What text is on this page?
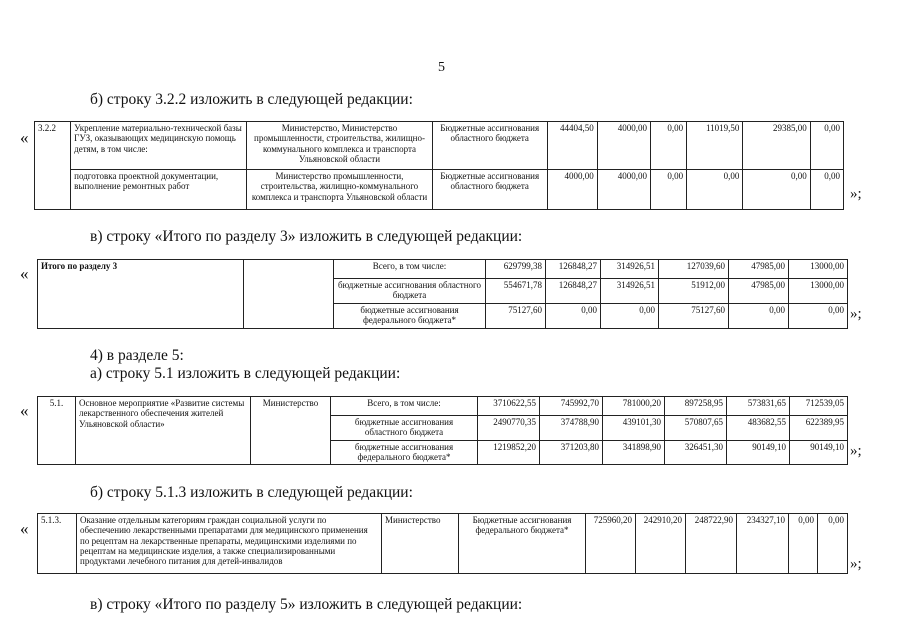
5
б) строку 3.2.2 изложить в следующей редакции:
« 3.2.2	Укрепление материально-технической базы ГУЗ, оказывающих медицинскую помощь детям, в том числе:	Министерство, Министерство промышленности, строительства, жилищно-коммунального комплекса и транспорта Ульяновской области	Бюджетные ассигнования областного бюджета	44404,50	4000,00	0,00	11019,50	29385,00	0,00
	подготовка проектной документации, выполнение ремонтных работ	Министерство промышленности, строительства, жилищно-коммунального комплекса и транспорта Ульяновской области	Бюджетные ассигнования областного бюджета	4000,00	4000,00	0,00	0,00	0,00	0,00
»;
в) строку «Итого по разделу 3» изложить в следующей редакции:
« Итого по разделу 3		Всего, в том числе:	629799,38	126848,27	314926,51	127039,60	47985,00	13000,00
		бюджетные ассигнования областного бюджета	554671,78	126848,27	314926,51	51912,00	47985,00	13000,00
		бюджетные ассигнования федерального бюджета*	75127,60	0,00	0,00	75127,60	0,00	0,00 »;
4) в разделе 5:
а) строку 5.1 изложить в следующей редакции:
« 5.1.	Основное мероприятие «Развитие системы лекарственного обеспечения жителей Ульяновской области»	Министерство	Всего, в том числе:	3710622,55	745992,70	781000,20	897258,95	573831,65	712539,05
			бюджетные ассигнования областного бюджета	2490770,35	374788,90	439101,30	570807,65	483682,55	622389,95
			бюджетные ассигнования федерального бюджета*	1219852,20	371203,80	341898,90	326451,30	90149,10	90149,10 »;
б) строку 5.1.3 изложить в следующей редакции:
« 5.1.3.	Оказание отдельным категориям граждан социальной услуги по обеспечению лекарственными препаратами для медицинского применения по рецептам на лекарственные препараты, медицинскими изделиями по рецептам на медицинские изделия, а также специализированными продуктами лечебного питания для детей-инвалидов	Министерство	Бюджетные ассигнования федерального бюджета*	725960,20	242910,20	248722,90	234327,10	0,00	0,00
»;
в) строку «Итого по разделу 5» изложить в следующей редакции:
